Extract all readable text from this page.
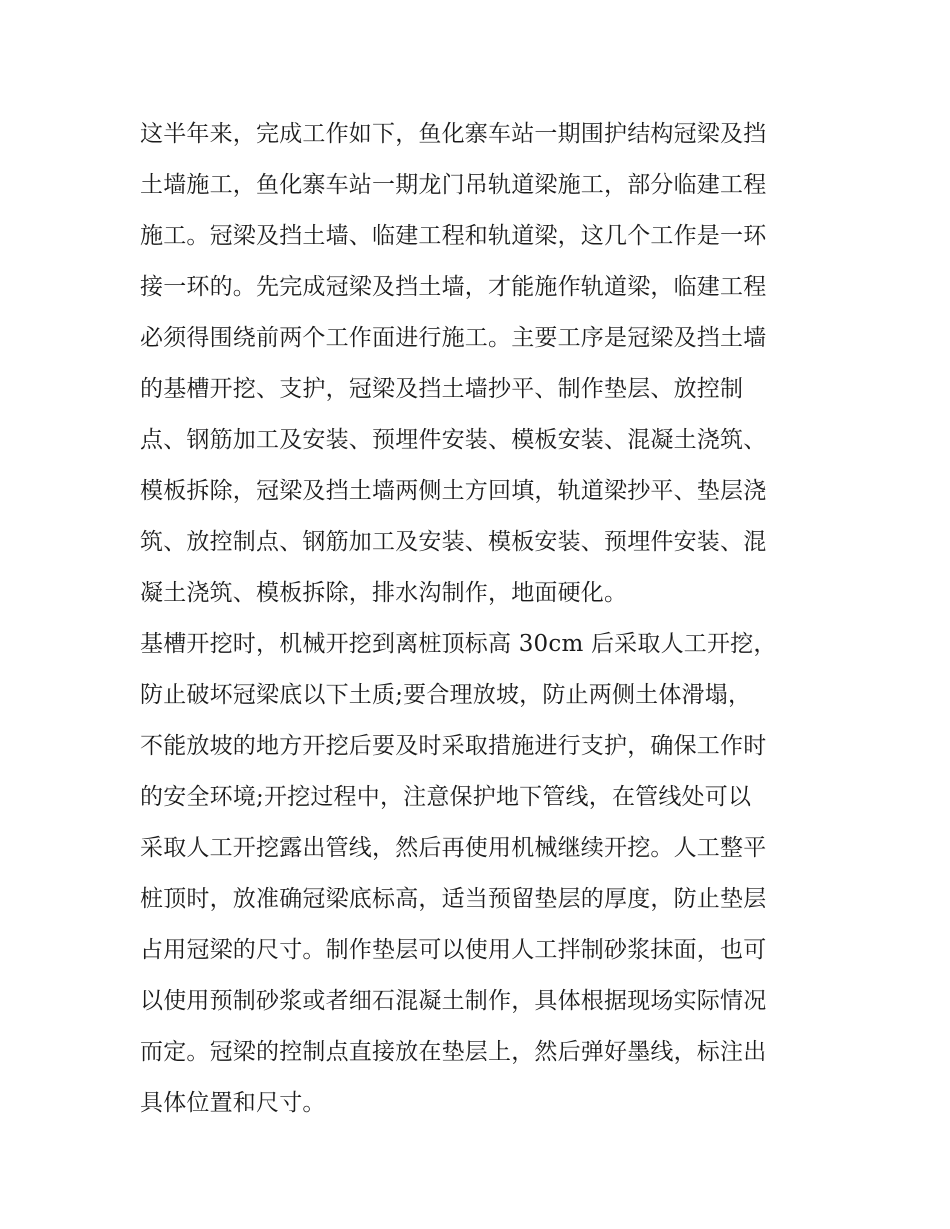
这半年来，完成工作如下，鱼化寨车站一期围护结构冠梁及挡
土墙施工，鱼化寨车站一期龙门吊轨道梁施工，部分临建工程
施工。冠梁及挡土墙、临建工程和轨道梁，这几个工作是一环
接一环的。先完成冠梁及挡土墙，才能施作轨道梁，临建工程
必须得围绕前两个工作面进行施工。主要工序是冠梁及挡土墙
的基槽开挖、支护，冠梁及挡土墙抄平、制作垫层、放控制
点、钢筋加工及安装、预埋件安装、模板安装、混凝土浇筑、
模板拆除，冠梁及挡土墙两侧土方回填，轨道梁抄平、垫层浇
筑、放控制点、钢筋加工及安装、模板安装、预埋件安装、混
凝土浇筑、模板拆除，排水沟制作，地面硬化。
基槽开挖时，机械开挖到离桩顶标高 30cm 后采取人工开挖，
防止破坏冠梁底以下土质;要合理放坡，防止两侧土体滑塌，
不能放坡的地方开挖后要及时采取措施进行支护，确保工作时
的安全环境;开挖过程中，注意保护地下管线，在管线处可以
采取人工开挖露出管线，然后再使用机械继续开挖。人工整平
桩顶时，放准确冠梁底标高，适当预留垫层的厚度，防止垫层
占用冠梁的尺寸。制作垫层可以使用人工拌制砂浆抹面，也可
以使用预制砂浆或者细石混凝土制作，具体根据现场实际情况
而定。冠梁的控制点直接放在垫层上，然后弹好墨线，标注出
具体位置和尺寸。
